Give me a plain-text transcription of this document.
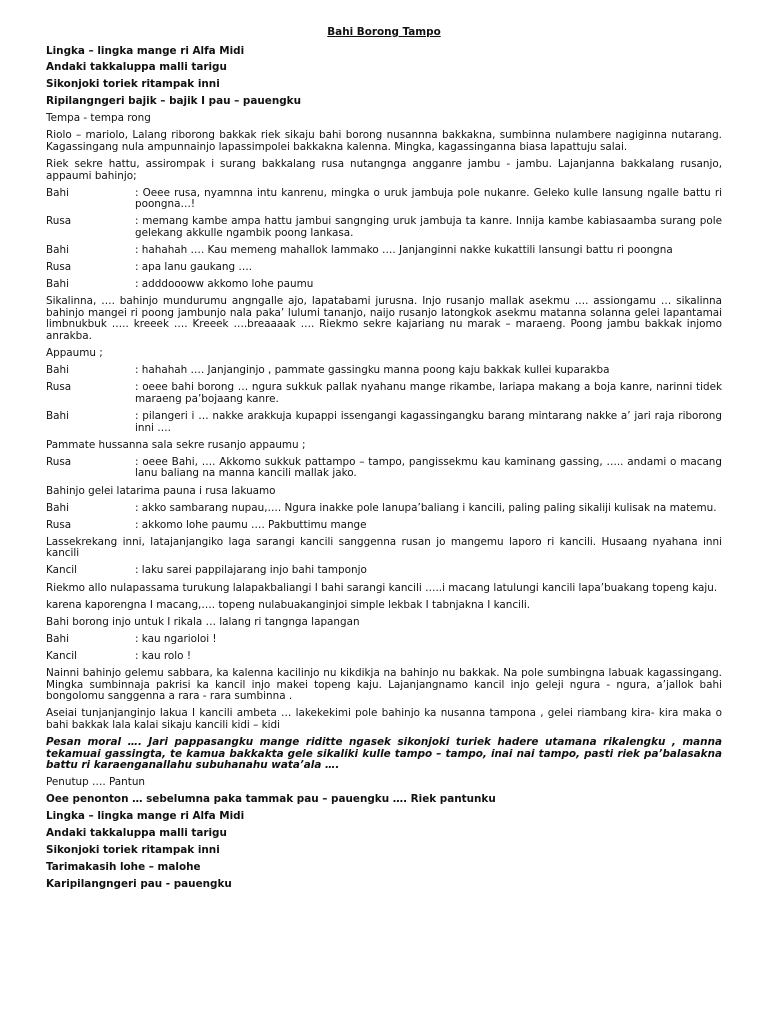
Bahi Borong Tampo
Lingka – lingka mange ri Alfa Midi
Andaki takkaluppa malli tarigu
Sikonjoki toriek ritampak inni
Ripilangngeri bajik – bajik I pau – pauengku
Tempa - tempa rong
Riolo – mariolo, Lalang riborong bakkak riek sikaju bahi borong nusannna bakkakna, sumbinna nulambere nagiginna nutarang. Kagassingang nula ampunnainjo lapassimpolei bakkakna kalenna. Mingka, kagassinganna biasa lapattuju salai.
Riek sekre hattu, assirompak i surang bakkalang rusa nutangnga angganre jambu - jambu. Lajanjanna bakkalang rusanjo, appaumi bahinjo;
Bahi	: Oeee rusa, nyamnna intu kanrenu, mingka o uruk jambuja pole nukanre. Geleko kulle lansung ngalle battu ri poongna…!
Rusa	: memang kambe ampa hattu jambui sangnging uruk jambuja ta kanre. Innija kambe kabiasaamba surang pole gelekang akkulle ngambik poong lankasa.
Bahi	: hahahah …. Kau memeng mahallok lammako …. Janjanginni nakke kukattili lansungi battu ri poongna
Rusa	: apa lanu gaukang ….
Bahi	: adddoooww akkomo lohe paumu
Sikalinna, …. bahinjo mundurumu angngalle ajo, lapatabami jurusna. Injo rusanjo mallak asekmu …. assiongamu … sikalinna bahinjo mangei ri poong jambunjo nala paka’ lulumi tananjo, naijo rusanjo latongkok asekmu matanna solanna gelei lapantamai limbnukbuk ….. kreeek …. Kreeek ….breaaaak …. Riekmo sekre kajariang nu marak – maraeng. Poong jambu bakkak injomo anrakba.
Appaumu ;
Bahi	: hahahah …. Janjanginjo , pammate gassingku manna poong kaju bakkak kullei kuparakba
Rusa	: oeee bahi borong … ngura sukkuk pallak nyahanu mange rikambe, lariapa makang a boja kanre, narinni tidek maraeng pa’bojaang kanre.
Bahi	: pilangeri i … nakke arakkuja kupappi issengangi kagassingangku barang mintarang nakke a’ jari raja riborong inni ….
Pammate hussanna sala sekre rusanjo appaumu ;
Rusa	: oeee Bahi, …. Akkomo sukkuk pattampo – tampo, pangissekmu kau kaminang gassing, ….. andami o macang lanu baliang na manna kancili mallak jako.
Bahinjo gelei latarima pauna i rusa lakuamo
Bahi	: akko sambarang nupau,…. Ngura inakke pole lanupa’baliang i kancili, paling paling sikaliji kulisak na matemu.
Rusa	: akkomo lohe paumu …. Pakbuttimu mange
Lassekrekang inni, latajanjangiko laga sarangi kancili sanggenna rusan jo mangemu laporo ri kancili. Husaang nyahana inni kancili
Kancil	: laku sarei pappilajarang injo bahi tamponjo
Riekmo allo nulapassama turukung lalapakbaliangi I bahi sarangi kancili …..i macang latulungi kancili lapa’buakang topeng kaju.
karena kaporengna I macang,…. topeng nulabuakanginjoi simple lekbak I tabnjakna I kancili.
Bahi borong injo untuk I rikala … lalang ri tangnga lapangan
Bahi	: kau ngarioloi !
Kancil	: kau rolo !
Nainni bahinjo gelemu sabbara, ka kalenna kacilinjo nu kikdikja na bahinjo nu bakkak. Na pole sumbingna labuak kagassingang. Mingka sumbinnaja pakrisi ka kancil injo makei topeng kaju. Lajanjangnamo kancil injo geleji ngura - ngura, a’jallok bahi bongolomu sanggenna a rara - rara sumbinna .
Aseiai tunjanjanginjo lakua I kancili ambeta … lakekekimi pole bahinjo ka nusanna tampona , gelei riambang kira- kira maka o bahi bakkak lala kalai sikaju kancili kidi – kidi
Pesan moral …. Jari pappasangku mange riditte ngasek sikonjoki turiek hadere utamana rikalengku , manna tekamuai gassingta, te kamua bakkakta gele sikaliki kulle tampo – tampo, inai nai tampo, pasti riek pa’balasakna battu ri karaenganallahu subuhanahu wata’ala ….
Penutup …. Pantun
Oee penonton … sebelumna paka tammak pau – pauengku …. Riek pantunku
Lingka – lingka mange ri Alfa Midi
Andaki takkaluppa malli tarigu
Sikonjoki toriek ritampak inni
Tarimakasih lohe – malohe
Karipilangngeri pau - pauengku
